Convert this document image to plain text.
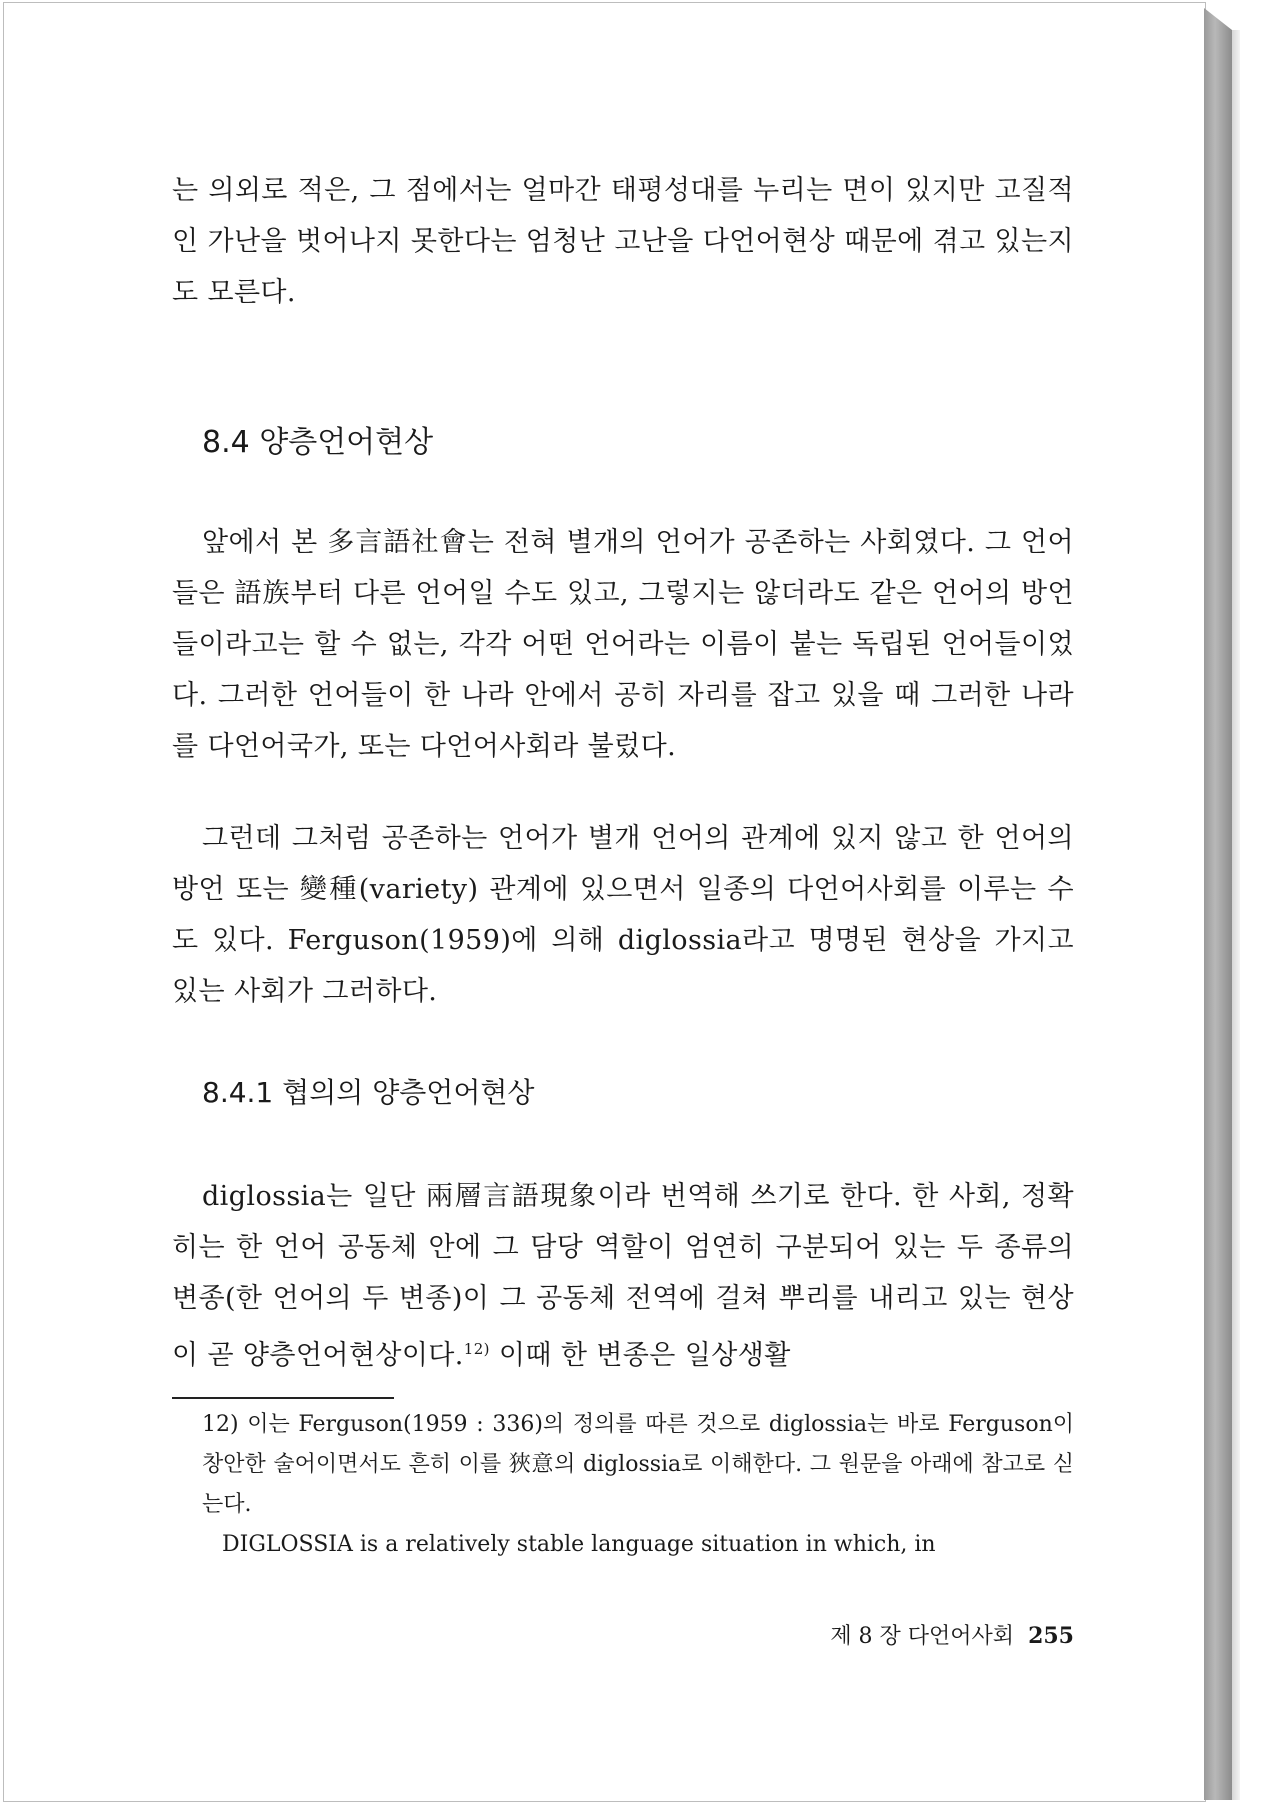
는 의외로 적은, 그 점에서는 얼마간 태평성대를 누리는 면이 있지만 고질적인 가난을 벗어나지 못한다는 엄청난 고난을 다언어현상 때문에 겪고 있는지도 모른다.

8.4 양층언어현상

앞에서 본 多言語社會는 전혀 별개의 언어가 공존하는 사회였다. 그 언어들은 語族부터 다른 언어일 수도 있고, 그렇지는 않더라도 같은 언어의 방언들이라고는 할 수 없는, 각각 어떤 언어라는 이름이 붙는 독립된 언어들이었다. 그러한 언어들이 한 나라 안에서 공히 자리를 잡고 있을 때 그러한 나라를 다언어국가, 또는 다언어사회라 불렀다.

그런데 그처럼 공존하는 언어가 별개 언어의 관계에 있지 않고 한 언어의 방언 또는 變種(variety) 관계에 있으면서 일종의 다언어사회를 이루는 수도 있다. Ferguson(1959)에 의해 diglossia라고 명명된 현상을 가지고 있는 사회가 그러하다.

8.4.1 협의의 양층언어현상

diglossia는 일단 兩層言語現象이라 번역해 쓰기로 한다. 한 사회, 정확히는 한 언어 공동체 안에 그 담당 역할이 엄연히 구분되어 있는 두 종류의 변종(한 언어의 두 변종)이 그 공동체 전역에 걸쳐 뿌리를 내리고 있는 현상이 곧 양층언어현상이다.$^{12)}$ 이때 한 변종은 일상생활

12) 이는 Ferguson(1959 : 336)의 정의를 따른 것으로 diglossia는 바로 Ferguson이 창안한 술어이면서도 흔히 이를 狹意의 diglossia로 이해한다. 그 원문을 아래에 참고로 싣는다.

DIGLOSSIA is a relatively stable language situation in which, in

제 8 장 다언어사회 255
